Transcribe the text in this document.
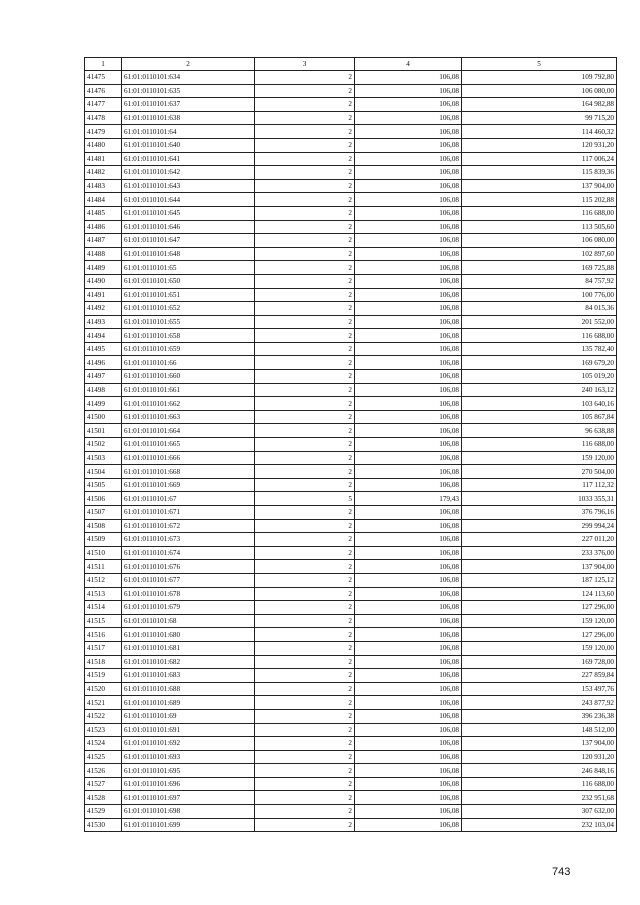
1	2	3	4	5
41475	61:01:0110101:634	2	106,08	109 792,80
41476	61:01:0110101:635	2	106,08	106 080,00
41477	61:01:0110101:637	2	106,08	164 982,88
41478	61:01:0110101:638	2	106,08	99 715,20
41479	61:01:0110101:64	2	106,08	114 460,32
41480	61:01:0110101:640	2	106,08	120 931,20
41481	61:01:0110101:641	2	106,08	117 006,24
41482	61:01:0110101:642	2	106,08	115 839,36
41483	61:01:0110101:643	2	106,08	137 904,00
41484	61:01:0110101:644	2	106,08	115 202,88
41485	61:01:0110101:645	2	106,08	116 688,00
41486	61:01:0110101:646	2	106,08	113 505,60
41487	61:01:0110101:647	2	106,08	106 080,00
41488	61:01:0110101:648	2	106,08	102 897,60
41489	61:01:0110101:65	2	106,08	169 725,88
41490	61:01:0110101:650	2	106,08	84 757,92
41491	61:01:0110101:651	2	106,08	100 776,00
41492	61:01:0110101:652	2	106,08	84 015,36
41493	61:01:0110101:655	2	106,08	201 552,00
41494	61:01:0110101:658	2	106,08	116 688,00
41495	61:01:0110101:659	2	106,08	135 782,40
41496	61:01:0110101:66	2	106,08	169 679,20
41497	61:01:0110101:660	2	106,08	105 019,20
41498	61:01:0110101:661	2	106,08	240 163,12
41499	61:01:0110101:662	2	106,08	103 640,16
41500	61:01:0110101:663	2	106,08	105 867,84
41501	61:01:0110101:664	2	106,08	96 638,88
41502	61:01:0110101:665	2	106,08	116 688,00
41503	61:01:0110101:666	2	106,08	159 120,00
41504	61:01:0110101:668	2	106,08	270 504,00
41505	61:01:0110101:669	2	106,08	117 112,32
41506	61:01:0110101:67	5	179,43	1033 355,31
41507	61:01:0110101:671	2	106,08	376 796,16
41508	61:01:0110101:672	2	106,08	299 994,24
41509	61:01:0110101:673	2	106,08	227 011,20
41510	61:01:0110101:674	2	106,08	233 376,00
41511	61:01:0110101:676	2	106,08	137 904,00
41512	61:01:0110101:677	2	106,08	187 125,12
41513	61:01:0110101:678	2	106,08	124 113,60
41514	61:01:0110101:679	2	106,08	127 296,00
41515	61:01:0110101:68	2	106,08	159 120,00
41516	61:01:0110101:680	2	106,08	127 296,00
41517	61:01:0110101:681	2	106,08	159 120,00
41518	61:01:0110101:682	2	106,08	169 728,00
41519	61:01:0110101:683	2	106,08	227 859,84
41520	61:01:0110101:688	2	106,08	153 497,76
41521	61:01:0110101:689	2	106,08	243 877,92
41522	61:01:0110101:69	2	106,08	396 236,38
41523	61:01:0110101:691	2	106,08	148 512,00
41524	61:01:0110101:692	2	106,08	137 904,00
41525	61:01:0110101:693	2	106,08	120 931,20
41526	61:01:0110101:695	2	106,08	246 848,16
41527	61:01:0110101:696	2	106,08	116 688,00
41528	61:01:0110101:697	2	106,08	232 951,68
41529	61:01:0110101:698	2	106,08	307 632,00
41530	61:01:0110101:699	2	106,08	232 103,04
743
